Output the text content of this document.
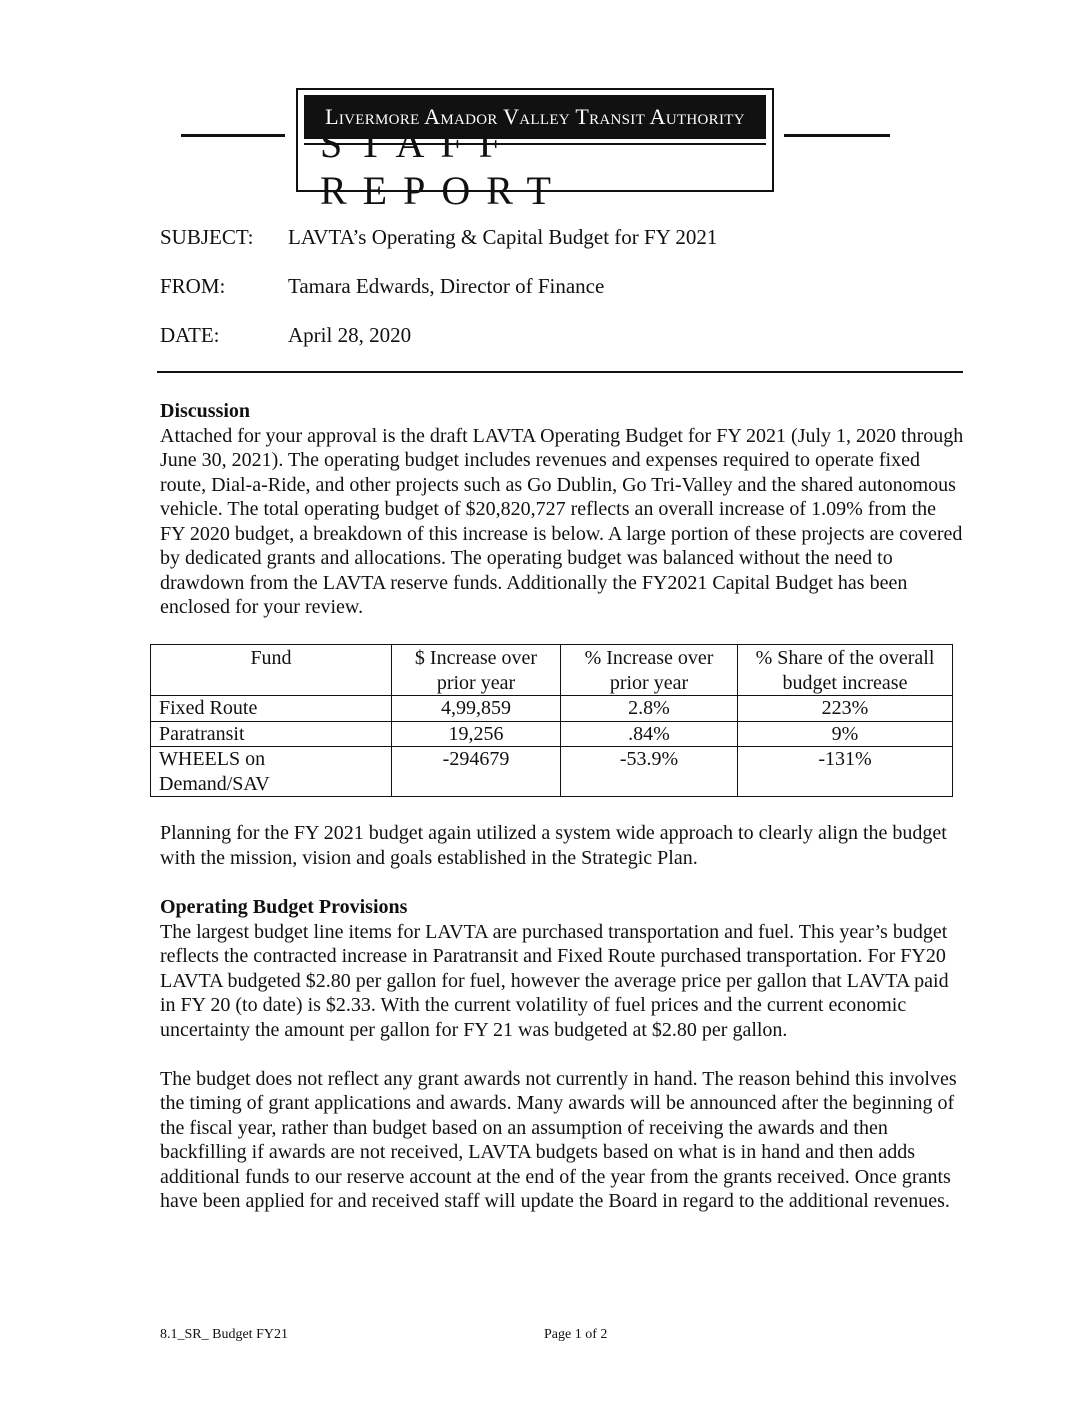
Livermore Amador Valley Transit Authority
REPORT
SUBJECT: LAVTA’s Operating & Capital Budget for FY 2021
FROM:	Tamara Edwards, Director of Finance
DATE:	April 28, 2020
Discussion

Attached for your approval is the draft LAVTA Operating Budget for FY 2021 (July 1, 2020 through June 30, 2021). The operating budget includes revenues and expenses required to operate fixed route, Dial-a-Ride, and other projects such as Go Dublin, Go Tri-Valley and the shared autonomous vehicle. The total operating budget of $20,820,727 reflects an overall increase of 1.09% from the FY 2020 budget, a breakdown of this increase is below. A large portion of these projects are covered by dedicated grants and allocations. The operating budget was balanced without the need to drawdown from the LAVTA reserve funds. Additionally the FY2021 Capital Budget has been enclosed for your review.

Fund	$ Increase over prior year	% Increase over prior year	% Share of the overall budget increase
Fixed Route	4,99,859	2.8%	223%
Paratransit	19,256	.84%	9%
WHEELS on Demand/SAV	-294679	-53.9%	-131%

Planning for the FY 2021 budget again utilized a system wide approach to clearly align the budget with the mission, vision and goals established in the Strategic Plan.

Operating Budget Provisions

The largest budget line items for LAVTA are purchased transportation and fuel. This year’s budget reflects the contracted increase in Paratransit and Fixed Route purchased transportation. For FY20 LAVTA budgeted $2.80 per gallon for fuel, however the average price per gallon that LAVTA paid in FY 20 (to date) is $2.33. With the current volatility of fuel prices and the current economic uncertainty the amount per gallon for FY 21 was budgeted at $2.80 per gallon.

The budget does not reflect any grant awards not currently in hand. The reason behind this involves the timing of grant applications and awards. Many awards will be announced after the beginning of the fiscal year, rather than budget based on an assumption of receiving the awards and then backfilling if awards are not received, LAVTA budgets based on what is in hand and then adds additional funds to our reserve account at the end of the year from the grants received. Once grants have been applied for and received staff will update the Board in regard to the additional revenues.

8.1_SR_ Budget FY21	Page 1 of 2
